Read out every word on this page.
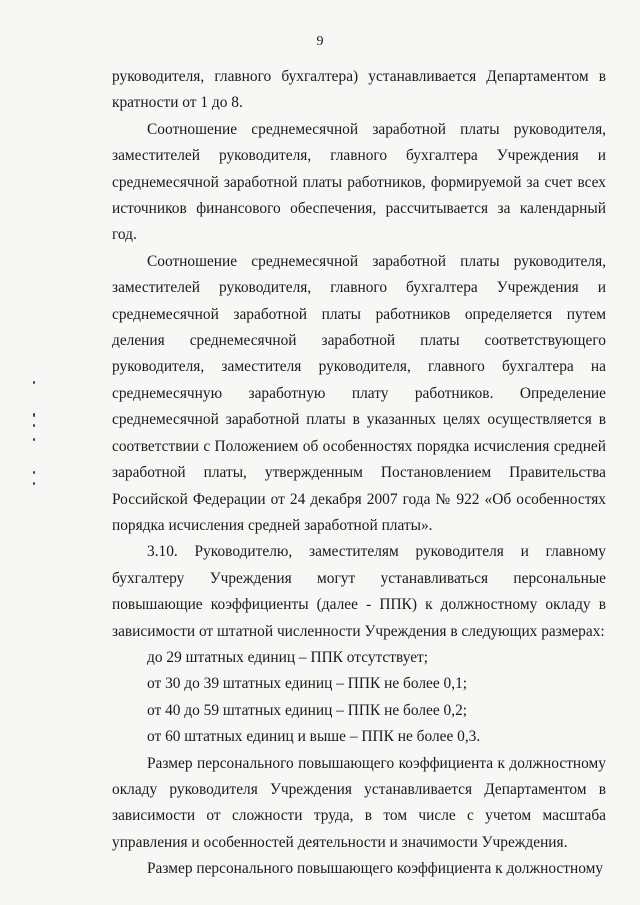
9

руководителя, главного бухгалтера) устанавливается Департаментом в кратности от 1 до 8.

Соотношение среднемесячной заработной платы руководителя, заместителей руководителя, главного бухгалтера Учреждения и среднемесячной заработной платы работников, формируемой за счет всех источников финансового обеспечения, рассчитывается за календарный год.

Соотношение среднемесячной заработной платы руководителя, заместителей руководителя, главного бухгалтера Учреждения и среднемесячной заработной платы работников определяется путем деления среднемесячной заработной платы соответствующего руководителя, заместителя руководителя, главного бухгалтера на среднемесячную заработную плату работников. Определение среднемесячной заработной платы в указанных целях осуществляется в соответствии с Положением об особенностях порядка исчисления средней заработной платы, утвержденным Постановлением Правительства Российской Федерации от 24 декабря 2007 года № 922 «Об особенностях порядка исчисления средней заработной платы».

3.10. Руководителю, заместителям руководителя и главному бухгалтеру Учреждения могут устанавливаться персональные повышающие коэффициенты (далее - ППК) к должностному окладу в зависимости от штатной численности Учреждения в следующих размерах:

до 29 штатных единиц – ППК отсутствует;

от 30 до 39 штатных единиц – ППК не более 0,1;

от 40 до 59 штатных единиц – ППК не более 0,2;

от 60 штатных единиц и выше – ППК не более 0,3.

Размер персонального повышающего коэффициента к должностному окладу руководителя Учреждения устанавливается Департаментом в зависимости от сложности труда, в том числе с учетом масштаба управления и особенностей деятельности и значимости Учреждения.

Размер персонального повышающего коэффициента к должностному
